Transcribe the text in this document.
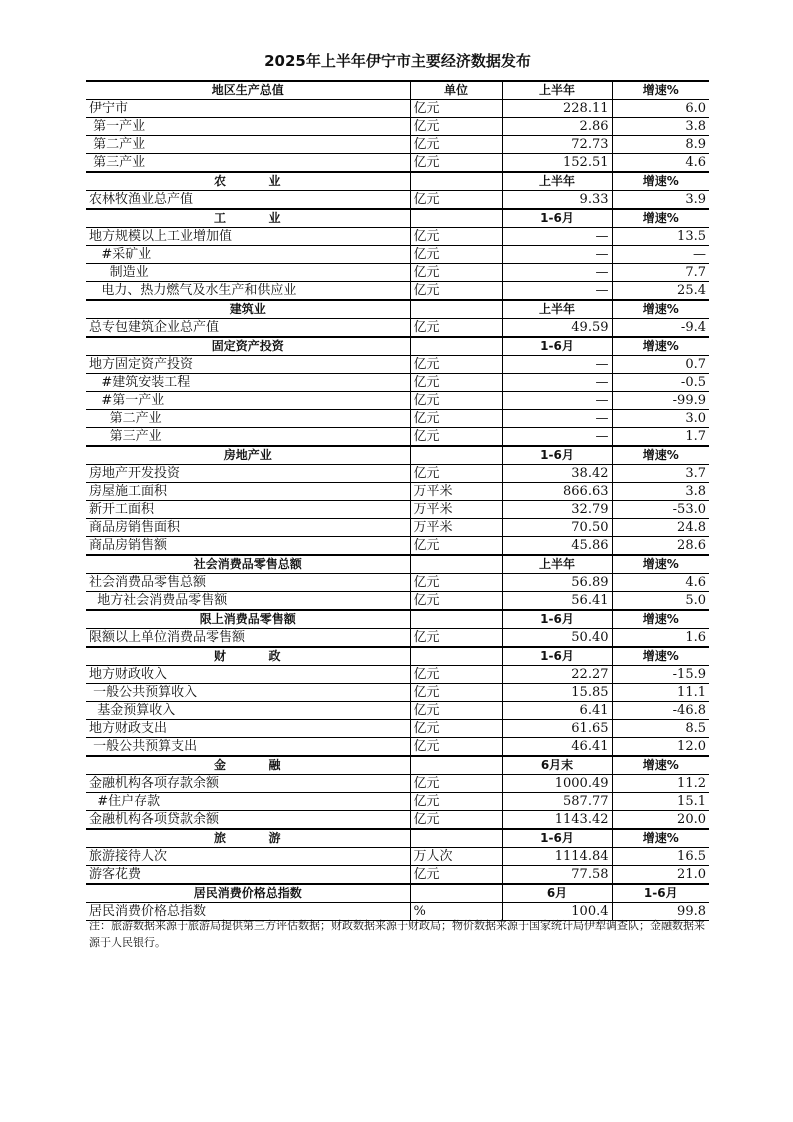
2025年上半年伊宁市主要经济数据发布
地区生产总值	单位	上半年	增速%
伊宁市	亿元	228.11	6.0
第一产业	亿元	2.86	3.8
第二产业	亿元	72.73	8.9
第三产业	亿元	152.51	4.6
农        业		上半年	增速%
农林牧渔业总产值	亿元	9.33	3.9
工        业		1-6月	增速%
地方规模以上工业增加值	亿元	—	13.5
#采矿业	亿元	—	—
制造业	亿元	—	7.7
电力、热力燃气及水生产和供应业	亿元	—	25.4
建筑业		上半年	增速%
总专包建筑企业总产值	亿元	49.59	-9.4
固定资产投资		1-6月	增速%
地方固定资产投资	亿元	—	0.7
#建筑安装工程	亿元	—	-0.5
#第一产业	亿元	—	-99.9
第二产业	亿元	—	3.0
第三产业	亿元	—	1.7
房地产业		1-6月	增速%
房地产开发投资	亿元	38.42	3.7
房屋施工面积	万平米	866.63	3.8
新开工面积	万平米	32.79	-53.0
商品房销售面积	万平米	70.50	24.8
商品房销售额	亿元	45.86	28.6
社会消费品零售总额		上半年	增速%
社会消费品零售总额	亿元	56.89	4.6
地方社会消费品零售额	亿元	56.41	5.0
限上消费品零售额		1-6月	增速%
限额以上单位消费品零售额	亿元	50.40	1.6
财        政		1-6月	增速%
地方财政收入	亿元	22.27	-15.9
一般公共预算收入	亿元	15.85	11.1
基金预算收入	亿元	6.41	-46.8
地方财政支出	亿元	61.65	8.5
一般公共预算支出	亿元	46.41	12.0
金        融		6月末	增速%
金融机构各项存款余额	亿元	1000.49	11.2
#住户存款	亿元	587.77	15.1
金融机构各项贷款余额	亿元	1143.42	20.0
旅        游		1-6月	增速%
旅游接待人次	万人次	1114.84	16.5
游客花费	亿元	77.58	21.0
居民消费价格总指数		6月	1-6月
居民消费价格总指数	%	100.4	99.8
注：旅游数据来源于旅游局提供第三方评估数据；财政数据来源于财政局；物价数据来源于国家统计局伊犁调查队；金融数据来源于人民银行。
